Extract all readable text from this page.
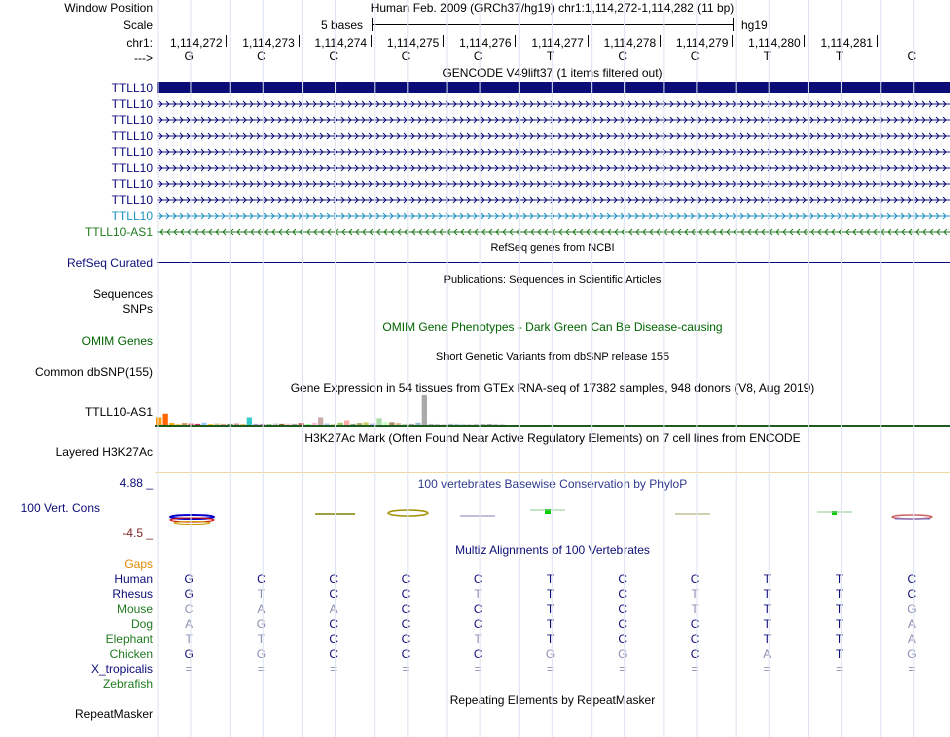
Window Position
Scale
chr1:
--->
TTLL10
TTLL10
TTLL10
TTLL10
TTLL10
TTLL10
TTLL10
TTLL10
TTLL10
TTLL10-AS1
RefSeq Curated
Sequences
SNPs
OMIM Genes
Common dbSNP(155)
TTLL10-AS1
Layered H3K27Ac
4.88 _
100 Vert. Cons
-4.5 _
Gaps
Human
Rhesus
Mouse
Dog
Elephant
Chicken
X_tropicalis
Zebrafish
RepeatMasker
Human Feb. 2009 (GRCh37/hg19) chr1:1,114,272-1,114,282 (11 bp)
5 bases	hg19
1,114,272 1,114,273 1,114,274 1,114,275 1,114,276 1,114,277 1,114,278 1,114,279 1,114,280 1,114,281
G	C	C	C	C	T	C	C	T	T	C
GENCODE V49lift37 (1 items filtered out)
RefSeq genes from NCBI
Publications: Sequences in Scientific Articles
OMIM Gene Phenotypes - Dark Green Can Be Disease-causing
Short Genetic Variants from dbSNP release 155
Gene Expression in 54 tissues from GTEx RNA-seq of 17382 samples, 948 donors (V8, Aug 2019)
H3K27Ac Mark (Often Found Near Active Regulatory Elements) on 7 cell lines from ENCODE
100 vertebrates Basewise Conservation by PhyloP
Multiz Alignments of 100 Vertebrates
G	C	C	C	C	T	C	C	T	T	C
G	T	C	C	T	T	C	T	T	T	C
C	A	A	C	C	T	C	T	T	T	G
A	G	C	C	C	T	C	C	T	T	A
T	T	C	C	T	T	C	C	T	T	A
G	G	C	C	C	G	G	C	A	T	G
=	=	=	=	=	=	=	=	=	=	=
Repeating Elements by RepeatMasker
